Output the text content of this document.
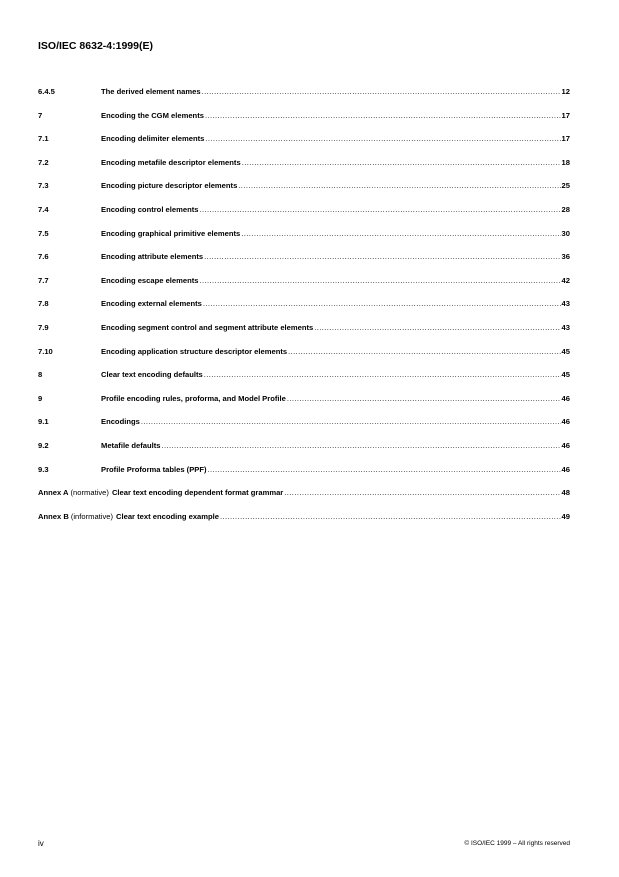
ISO/IEC 8632-4:1999(E)
6.4.5	The derived element names .....	12
7	Encoding the CGM elements .....	17
7.1	Encoding delimiter elements .....	17
7.2	Encoding metafile descriptor elements .....	18
7.3	Encoding picture descriptor elements .....	25
7.4	Encoding control elements .....	28
7.5	Encoding graphical primitive elements .....	30
7.6	Encoding attribute elements .....	36
7.7	Encoding escape elements .....	42
7.8	Encoding external elements .....	43
7.9	Encoding segment control and segment attribute elements .....	43
7.10	Encoding application structure descriptor elements .....	45
8	Clear text encoding defaults .....	45
9	Profile encoding rules, proforma, and Model Profile .....	46
9.1	Encodings .....	46
9.2	Metafile defaults .....	46
9.3	Profile Proforma tables (PPF) .....	46
Annex A (normative) Clear text encoding dependent format grammar .....	48
Annex B (informative) Clear text encoding example .....	49
iv	© ISO/IEC 1999 – All rights reserved
